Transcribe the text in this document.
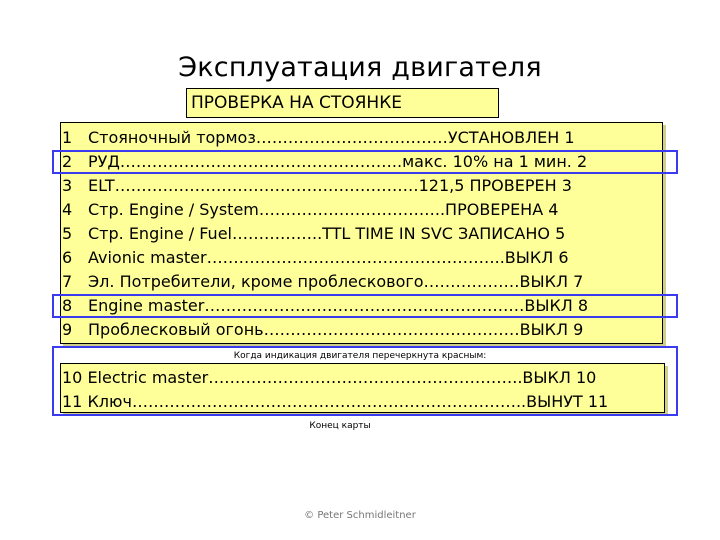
Эксплуатация двигателя
ПРОВЕРКА НА СТОЯНКЕ
1 Стояночный тормоз………………………………УСТАНОВЛЕН 1
2 РУД……………………………………………..макс. 10% на 1 мин. 2
3 ELT…………………………………………………121,5 ПРОВЕРЕН 3
4 Стр. Engine / System……………………………..ПРОВЕРЕНА 4
5 Стр. Engine / Fuel……………..TTL TIME IN SVC ЗАПИСАНО 5
6 Avionic master………………………………………………..ВЫКЛ 6
7 Эл. Потребители, кроме проблескового………………ВЫКЛ 7
8 Engine master……………………………………………………ВЫКЛ 8
9 Проблесковый огонь…………………………………………ВЫКЛ 9
Когда индикация двигателя перечеркнута красным:
10 Electric master…………………………………………………..ВЫКЛ 10
11 Ключ………………………………………………………………..ВЫНУТ 11
Конец карты
© Peter Schmidleitner
